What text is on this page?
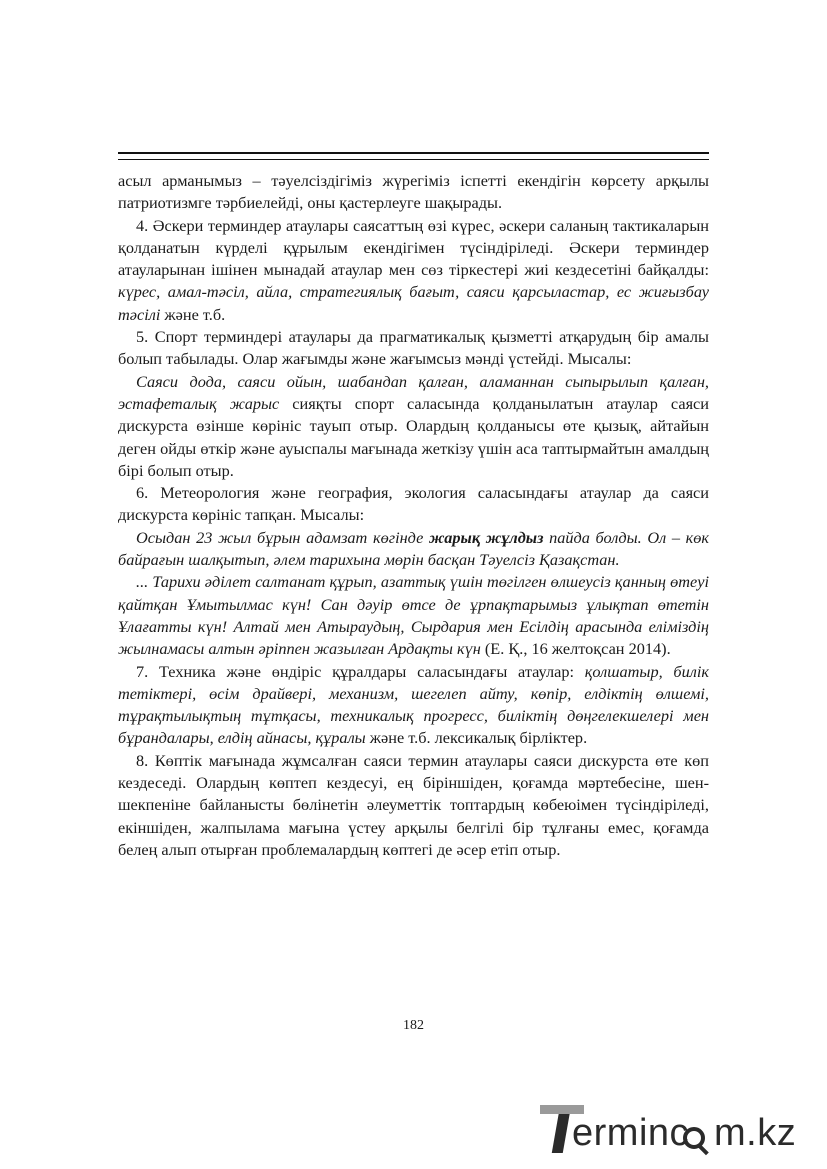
асыл арманымыз – тәуелсіздігіміз жүрегіміз іспетті екендігін көрсету арқылы патриотизмге тәрбиелейді, оны қастерлеуге шақырады.

4. Әскери терминдер атаулары саясаттың өзі күрес, әскери саланың тактикаларын қолданатын күрделі құрылым екендігімен түсіндіріледі. Әскери терминдер атауларынан ішінен мынадай атаулар мен сөз тіркестері жиі кездесетіні байқалды: күрес, амал-тәсіл, айла, стратегиялық бағыт, саяси қарсыластар, ес жиғызбау тәсілі және т.б.

5. Спорт терминдері атаулары да прагматикалық қызметті атқарудың бір амалы болып табылады. Олар жағымды және жағымсыз мәнді үстейді. Мысалы:

Саяси дода, саяси ойын, шабандап қалған, аламаннан сыпырылып қалған, эстафеталық жарыс сияқты спорт саласында қолданылатын атаулар саяси дискурста өзінше көрініс тауып отыр. Олардың қолданысы өте қызық, айтайын деген ойды өткір және ауыспалы мағынада жеткізу үшін аса таптырмайтын амалдың бірі болып отыр.

6. Метеорология және география, экология саласындағы атаулар да саяси дискурста көрініс тапқан. Мысалы:

Осыдан 23 жыл бұрын адамзат көгінде жарық жұлдыз пайда болды. Ол – көк байрағын шалқытып, әлем тарихына мөрін басқан Тәуелсіз Қазақстан.

... Тарихи әділет салтанат құрып, азаттық үшін төгілген өлшеусіз қанның өтеуі қайтқан Ұмытылмас күн! Сан дәуір өтсе де ұрпақтарымыз ұлықтап өтетін Ұлағатты күн! Алтай мен Атыраудың, Сырдария мен Есілдің арасында еліміздің жылнамасы алтын әріппен жазылған Ардақты күн (Е. Қ., 16 желтоқсан 2014).

7. Техника және өндіріс құралдары саласындағы атаулар: қолшатыр, билік тетіктері, өсім драйвері, механизм, шегелеп айту, көпір, елдіктің өлшемі, тұрақтылықтың тұтқасы, техникалық прогресс, биліктің дөңгелекшелері мен бұрандалары, елдің айнасы, құралы және т.б. лексикалық бірліктер.

8. Көптік мағынада жұмсалған саяси термин атаулары саяси дискурста өте көп кездеседі. Олардың көптеп кездесуі, ең біріншіден, қоғамда мәртебесіне, шен-шекпеніне байланысты бөлінетін әлеуметтік топтардың көбеюімен түсіндіріледі, екіншіден, жалпылама мағына үстеу арқылы белгілі бір тұлғаны емес, қоғамда белең алып отырған проблемалардың көптегі де әсер етіп отыр.

182
erminc m.kz
